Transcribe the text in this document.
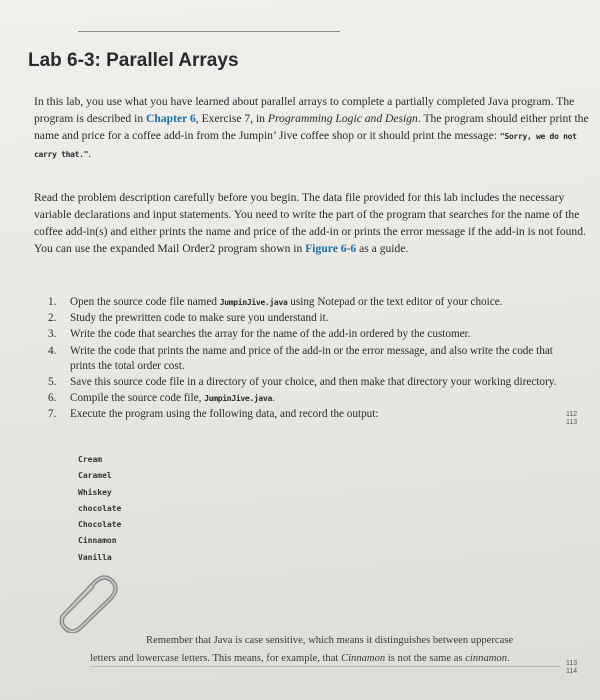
Lab 6-3: Parallel Arrays
In this lab, you use what you have learned about parallel arrays to complete a partially completed Java program. The program is described in Chapter 6, Exercise 7, in Programming Logic and Design. The program should either print the name and price for a coffee add-in from the Jumpin’ Jive coffee shop or it should print the message: "Sorry, we do not carry that.".
Read the problem description carefully before you begin. The data file provided for this lab includes the necessary variable declarations and input statements. You need to write the part of the program that searches for the name of the coffee add-in(s) and either prints the name and price of the add-in or prints the error message if the add-in is not found. You can use the expanded Mail Order2 program shown in Figure 6-6 as a guide.
1.	Open the source code file named JumpinJive.java using Notepad or the text editor of your choice.
2.	Study the prewritten code to make sure you understand it.
3.	Write the code that searches the array for the name of the add-in ordered by the customer.
4.	Write the code that prints the name and price of the add-in or the error message, and also write the code that prints the total order cost.
5.	Save this source code file in a directory of your choice, and then make that directory your working directory.
6.	Compile the source code file, JumpinJive.java.
7.	Execute the program using the following data, and record the output:
Cream
Caramel
Whiskey
chocolate
Chocolate
Cinnamon
Vanilla
Remember that Java is case sensitive, which means it distinguishes between uppercase
letters and lowercase letters. This means, for example, that Cinnamon is not the same as cinnamon.
112
113
113
114
